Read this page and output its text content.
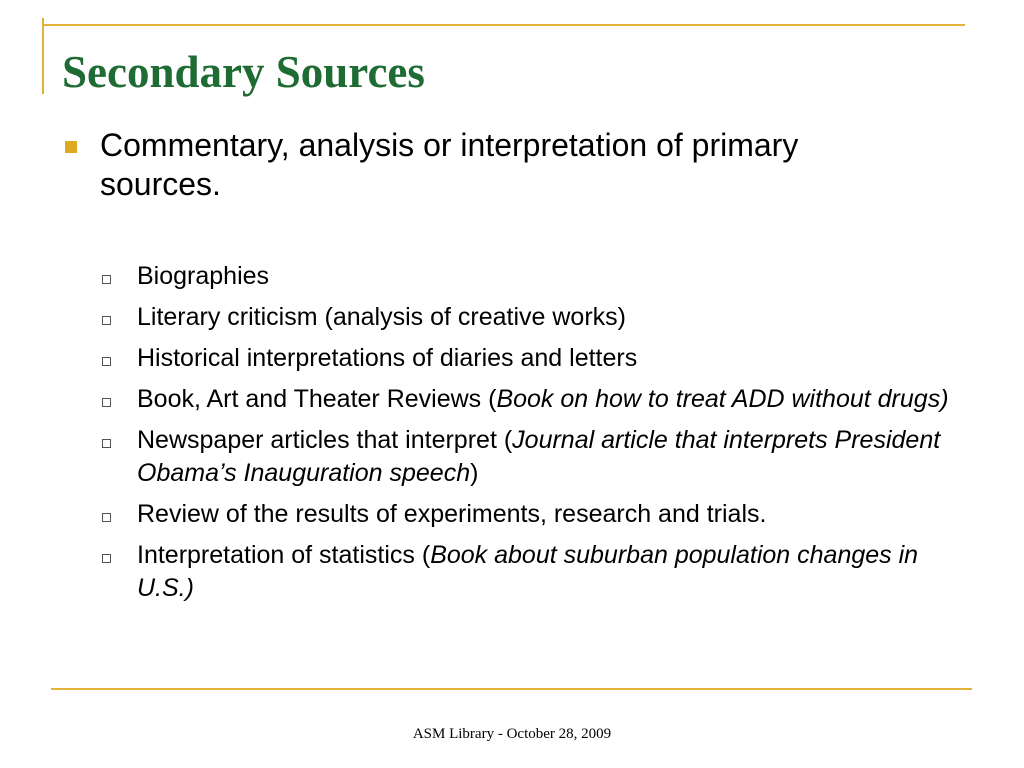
Secondary Sources

Commentary, analysis or interpretation of primary
sources.

Biographies
Literary criticism (analysis of creative works)
Historical interpretations of diaries and letters
Book, Art and Theater Reviews (Book on how to treat ADD without drugs)
Newspaper articles that interpret (Journal article that interprets President Obama’s Inauguration speech)
Review of the results of experiments, research and trials.
Interpretation of statistics (Book about suburban population changes in U.S.)
ASM Library - October 28, 2009
